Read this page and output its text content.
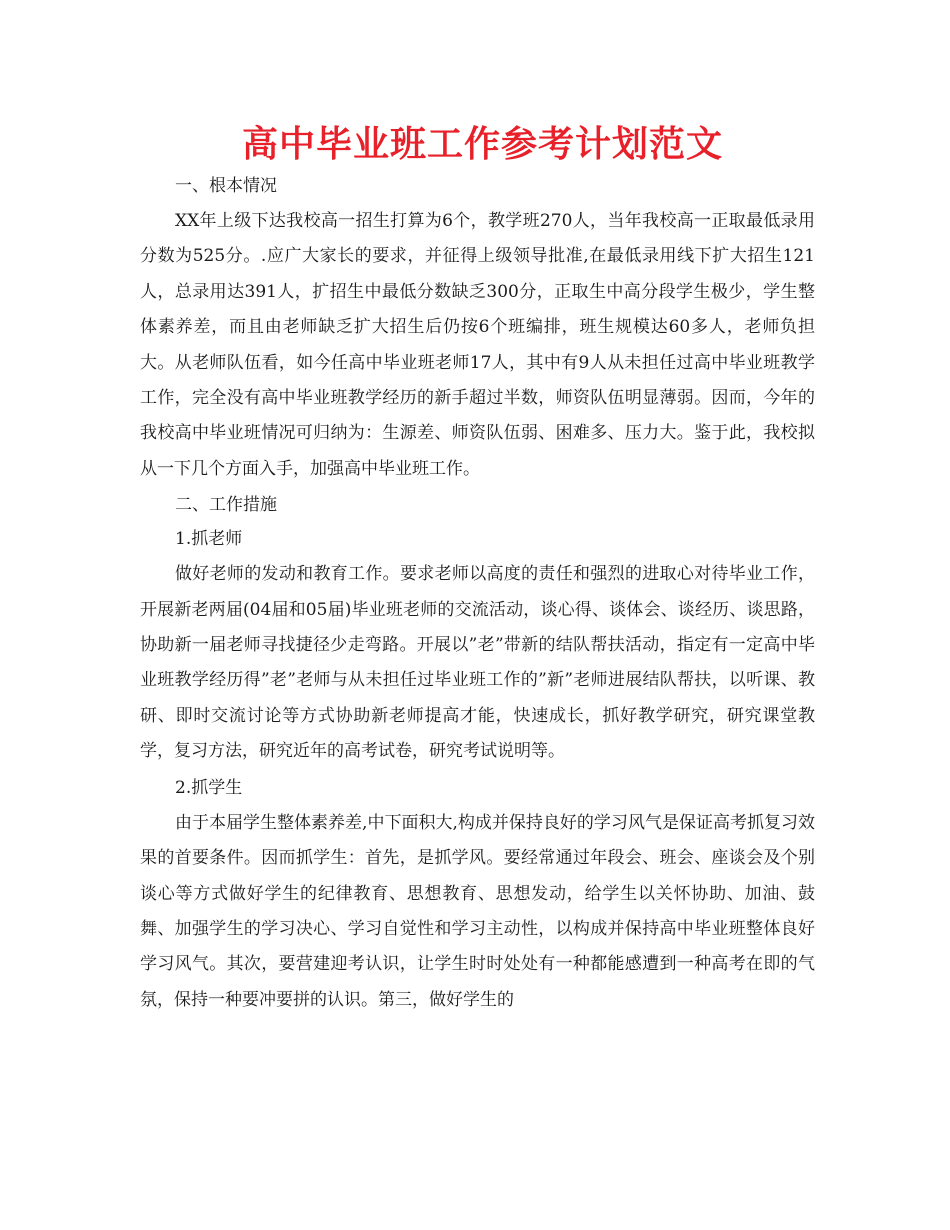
高中毕业班工作参考计划范文

一、根本情况

XX年上级下达我校高一招生打算为6个，教学班270人，当年我校高一正取最低录用分数为525分。.应广大家长的要求，并征得上级领导批准,在最低录用线下扩大招生121人，总录用达391人，扩招生中最低分数缺乏300分，正取生中高分段学生极少，学生整体素养差，而且由老师缺乏扩大招生后仍按6个班编排，班生规模达60多人，老师负担大。从老师队伍看，如今任高中毕业班老师17人，其中有9人从未担任过高中毕业班教学工作，完全没有高中毕业班教学经历的新手超过半数，师资队伍明显薄弱。因而，今年的我校高中毕业班情况可归纳为：生源差、师资队伍弱、困难多、压力大。鉴于此，我校拟从一下几个方面入手，加强高中毕业班工作。

二、工作措施

1.抓老师

做好老师的发动和教育工作。要求老师以高度的责任和强烈的进取心对待毕业工作，开展新老两届(04届和05届)毕业班老师的交流活动，谈心得、谈体会、谈经历、谈思路，协助新一届老师寻找捷径少走弯路。开展以”老”带新的结队帮扶活动，指定有一定高中毕业班教学经历得”老”老师与从未担任过毕业班工作的”新”老师进展结队帮扶，以听课、教研、即时交流讨论等方式协助新老师提高才能，快速成长，抓好教学研究，研究课堂教学，复习方法，研究近年的高考试卷，研究考试说明等。

2.抓学生

由于本届学生整体素养差,中下面积大,构成并保持良好的学习风气是保证高考抓复习效果的首要条件。因而抓学生：首先，是抓学风。要经常通过年段会、班会、座谈会及个别谈心等方式做好学生的纪律教育、思想教育、思想发动，给学生以关怀协助、加油、鼓舞、加强学生的学习决心、学习自觉性和学习主动性，以构成并保持高中毕业班整体良好学习风气。其次，要营建迎考认识，让学生时时处处有一种都能感遭到一种高考在即的气氛，保持一种要冲要拼的认识。第三，做好学生的
